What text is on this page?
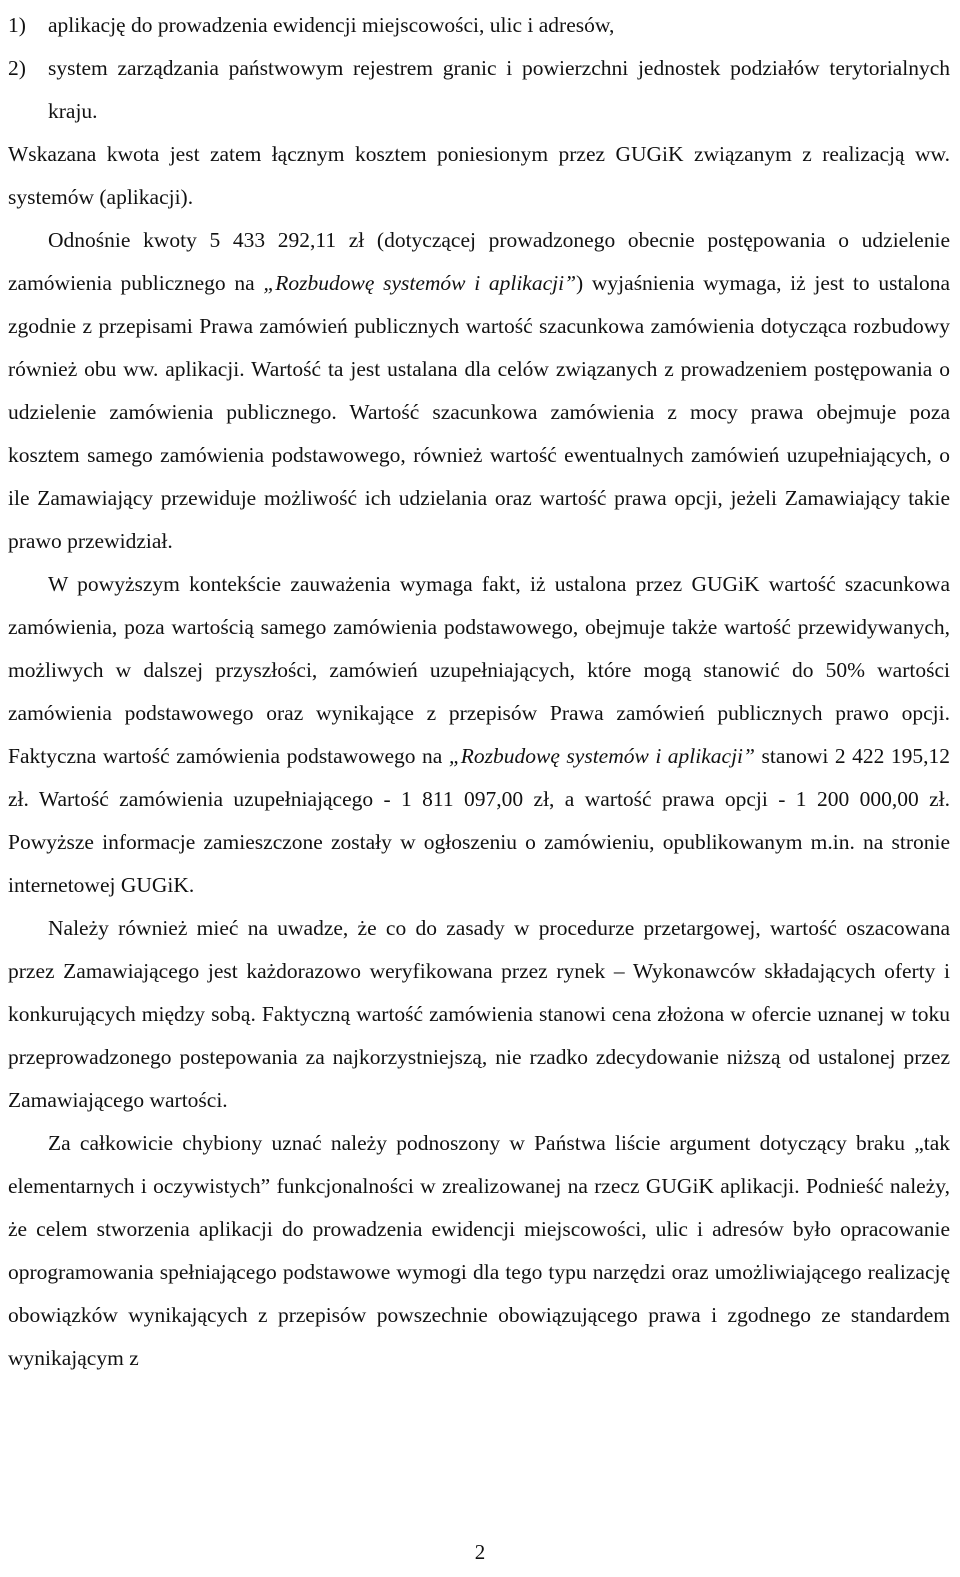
1)	aplikację do prowadzenia ewidencji miejscowości, ulic i adresów,
2)	system zarządzania państwowym rejestrem granic i powierzchni jednostek podziałów terytorialnych kraju.

Wskazana kwota jest zatem łącznym kosztem poniesionym przez GUGiK związanym z realizacją ww. systemów (aplikacji).

Odnośnie kwoty 5 433 292,11 zł (dotyczącej prowadzonego obecnie postępowania o udzielenie zamówienia publicznego na „Rozbudowę systemów i aplikacji”) wyjaśnienia wymaga, iż jest to ustalona zgodnie z przepisami Prawa zamówień publicznych wartość szacunkowa zamówienia dotycząca rozbudowy również obu ww. aplikacji. Wartość ta jest ustalana dla celów związanych z prowadzeniem postępowania o udzielenie zamówienia publicznego. Wartość szacunkowa zamówienia z mocy prawa obejmuje poza kosztem samego zamówienia podstawowego, również wartość ewentualnych zamówień uzupełniających, o ile Zamawiający przewiduje możliwość ich udzielania oraz wartość prawa opcji, jeżeli Zamawiający takie prawo przewidział.

W powyższym kontekście zauważenia wymaga fakt, iż ustalona przez GUGiK wartość szacunkowa zamówienia, poza wartością samego zamówienia podstawowego, obejmuje także wartość przewidywanych, możliwych w dalszej przyszłości, zamówień uzupełniających, które mogą stanowić do 50% wartości zamówienia podstawowego oraz wynikające z przepisów Prawa zamówień publicznych prawo opcji. Faktyczna wartość zamówienia podstawowego na „Rozbudowę systemów i aplikacji” stanowi 2 422 195,12 zł. Wartość zamówienia uzupełniającego - 1 811 097,00 zł, a wartość prawa opcji - 1 200 000,00 zł. Powyższe informacje zamieszczone zostały w ogłoszeniu o zamówieniu, opublikowanym m.in. na stronie internetowej GUGiK.

Należy również mieć na uwadze, że co do zasady w procedurze przetargowej, wartość oszacowana przez Zamawiającego jest każdorazowo weryfikowana przez rynek – Wykonawców składających oferty i konkurujących między sobą. Faktyczną wartość zamówienia stanowi cena złożona w ofercie uznanej w toku przeprowadzonego postepowania za najkorzystniejszą, nie rzadko zdecydowanie niższą od ustalonej przez Zamawiającego wartości.

Za całkowicie chybiony uznać należy podnoszony w Państwa liście argument dotyczący braku „tak elementarnych i oczywistych” funkcjonalności w zrealizowanej na rzecz GUGiK aplikacji. Podnieść należy, że celem stworzenia aplikacji do prowadzenia ewidencji miejscowości, ulic i adresów było opracowanie oprogramowania spełniającego podstawowe wymogi dla tego typu narzędzi oraz umożliwiającego realizację obowiązków wynikających z przepisów powszechnie obowiązującego prawa i zgodnego ze standardem wynikającym z

2
